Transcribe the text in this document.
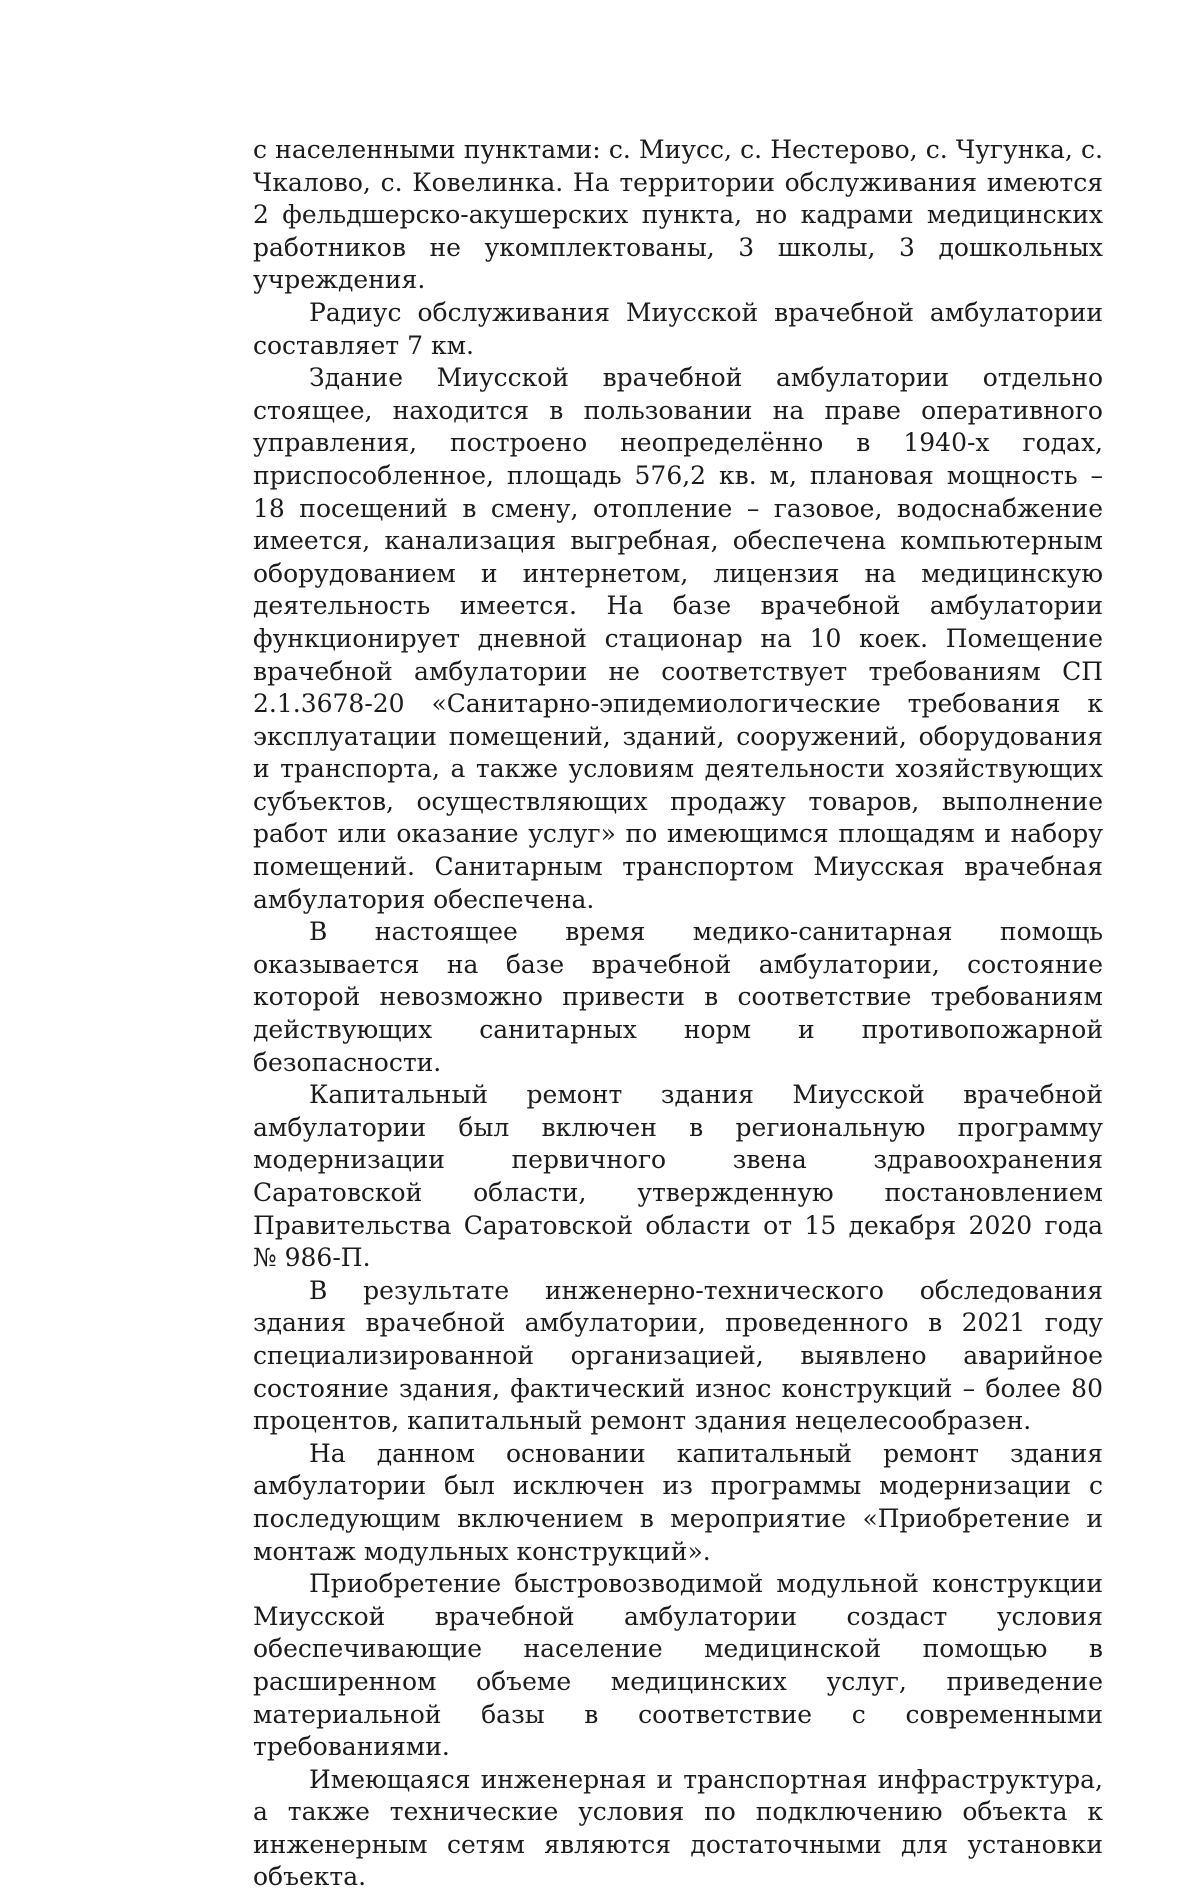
с населенными пунктами: с. Миусс, с. Нестерово, с. Чугунка, с. Чкалово, с. Ковелинка. На территории обслуживания имеются 2 фельдшерско-акушерских пункта, но кадрами медицинских работников не укомплектованы, 3 школы, 3 дошкольных учреждения.

Радиус обслуживания Миусской врачебной амбулатории составляет 7 км.

Здание Миусской врачебной амбулатории отдельно стоящее, находится в пользовании на праве оперативного управления, построено неопределённо в 1940-х годах, приспособленное, площадь 576,2 кв. м, плановая мощность – 18 посещений в смену, отопление – газовое, водоснабжение имеется, канализация выгребная, обеспечена компьютерным оборудованием и интернетом, лицензия на медицинскую деятельность имеется. На базе врачебной амбулатории функционирует дневной стационар на 10 коек. Помещение врачебной амбулатории не соответствует требованиям СП 2.1.3678-20 «Санитарно-эпидемиологические требования к эксплуатации помещений, зданий, сооружений, оборудования и транспорта, а также условиям деятельности хозяйствующих субъектов, осуществляющих продажу товаров, выполнение работ или оказание услуг» по имеющимся площадям и набору помещений. Санитарным транспортом Миусская врачебная амбулатория обеспечена.

В настоящее время медико-санитарная помощь оказывается на базе врачебной амбулатории, состояние которой невозможно привести в соответствие требованиям действующих санитарных норм и противопожарной безопасности.

Капитальный ремонт здания Миусской врачебной амбулатории был включен в региональную программу модернизации первичного звена здравоохранения Саратовской области, утвержденную постановлением Правительства Саратовской области от 15 декабря 2020 года № 986-П.

В результате инженерно-технического обследования здания врачебной амбулатории, проведенного в 2021 году специализированной организацией, выявлено аварийное состояние здания, фактический износ конструкций – более 80 процентов, капитальный ремонт здания нецелесообразен.

На данном основании капитальный ремонт здания амбулатории был исключен из программы модернизации с последующим включением в мероприятие «Приобретение и монтаж модульных конструкций».

Приобретение быстровозводимой модульной конструкции Миусской врачебной амбулатории создаст условия обеспечивающие население медицинской помощью в расширенном объеме медицинских услуг, приведение материальной базы в соответствие с современными требованиями.

Имеющаяся инженерная и транспортная инфраструктура, а также технические условия по подключению объекта к инженерным сетям являются достаточными для установки объекта.
